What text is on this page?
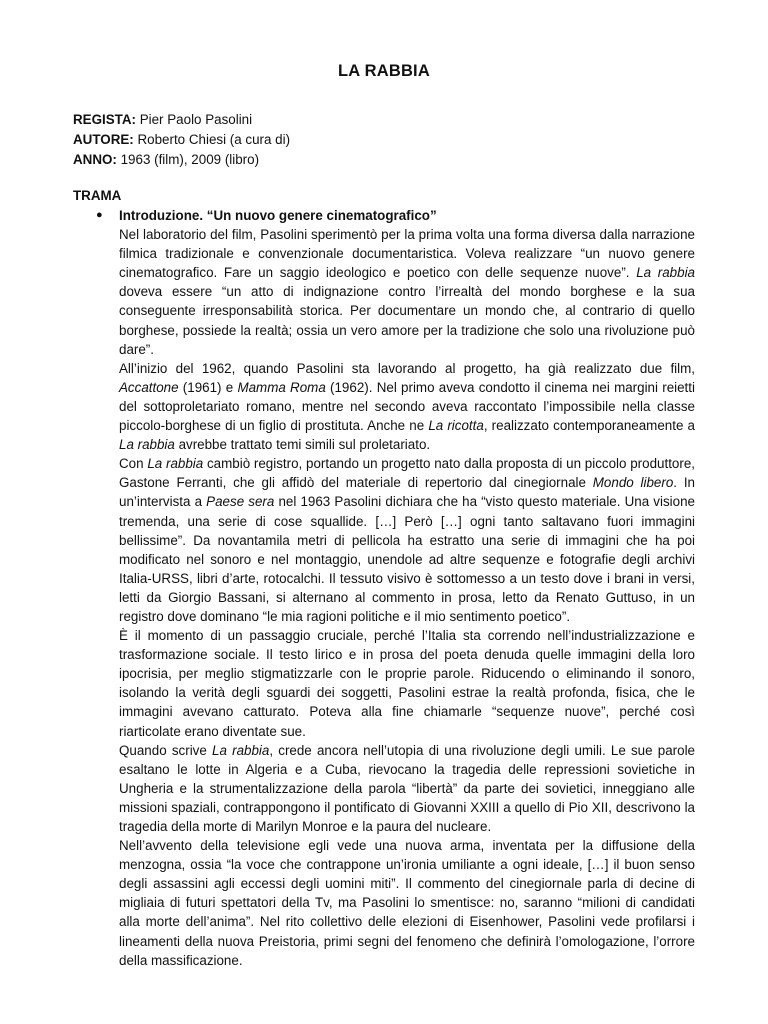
LA RABBIA
REGISTA: Pier Paolo Pasolini
AUTORE: Roberto Chiesi (a cura di)
ANNO: 1963 (film), 2009 (libro)
TRAMA
● Introduzione. “Un nuovo genere cinematografico”

Nel laboratorio del film, Pasolini sperimentò per la prima volta una forma diversa dalla narrazione filmica tradizionale e convenzionale documentaristica. Voleva realizzare “un nuovo genere cinematografico. Fare un saggio ideologico e poetico con delle sequenze nuove”. La rabbia doveva essere “un atto di indignazione contro l’irrealtà del mondo borghese e la sua conseguente irresponsabilità storica. Per documentare un mondo che, al contrario di quello borghese, possiede la realtà; ossia un vero amore per la tradizione che solo una rivoluzione può dare”.

All’inizio del 1962, quando Pasolini sta lavorando al progetto, ha già realizzato due film, Accattone (1961) e Mamma Roma (1962). Nel primo aveva condotto il cinema nei margini reietti del sottoproletariato romano, mentre nel secondo aveva raccontato l’impossibile nella classe piccolo-borghese di un figlio di prostituta. Anche ne La ricotta, realizzato contemporaneamente a La rabbia avrebbe trattato temi simili sul proletariato.

Con La rabbia cambiò registro, portando un progetto nato dalla proposta di un piccolo produttore, Gastone Ferranti, che gli affidò del materiale di repertorio dal cinegiornale Mondo libero. In un’intervista a Paese sera nel 1963 Pasolini dichiara che ha “visto questo materiale. Una visione tremenda, una serie di cose squallide. […] Però […] ogni tanto saltavano fuori immagini bellissime”. Da novantamila metri di pellicola ha estratto una serie di immagini che ha poi modificato nel sonoro e nel montaggio, unendole ad altre sequenze e fotografie degli archivi Italia-URSS, libri d’arte, rotocalchi. Il tessuto visivo è sottomesso a un testo dove i brani in versi, letti da Giorgio Bassani, si alternano al commento in prosa, letto da Renato Guttuso, in un registro dove dominano “le mia ragioni politiche e il mio sentimento poetico”.

È il momento di un passaggio cruciale, perché l’Italia sta correndo nell’industrializzazione e trasformazione sociale. Il testo lirico e in prosa del poeta denuda quelle immagini della loro ipocrisia, per meglio stigmatizzarle con le proprie parole. Riducendo o eliminando il sonoro, isolando la verità degli sguardi dei soggetti, Pasolini estrae la realtà profonda, fisica, che le immagini avevano catturato. Poteva alla fine chiamarle “sequenze nuove”, perché così riarticolate erano diventate sue.

Quando scrive La rabbia, crede ancora nell’utopia di una rivoluzione degli umili. Le sue parole esaltano le lotte in Algeria e a Cuba, rievocano la tragedia delle repressioni sovietiche in Ungheria e la strumentalizzazione della parola “libertà” da parte dei sovietici, inneggiano alle missioni spaziali, contrappongono il pontificato di Giovanni XXIII a quello di Pio XII, descrivono la tragedia della morte di Marilyn Monroe e la paura del nucleare.

Nell’avvento della televisione egli vede una nuova arma, inventata per la diffusione della menzogna, ossia “la voce che contrappone un’ironia umiliante a ogni ideale, […] il buon senso degli assassini agli eccessi degli uomini miti”. Il commento del cinegiornale parla di decine di migliaia di futuri spettatori della Tv, ma Pasolini lo smentisce: no, saranno “milioni di candidati alla morte dell’anima”. Nel rito collettivo delle elezioni di Eisenhower, Pasolini vede profilarsi i lineamenti della nuova Preistoria, primi segni del fenomeno che definirà l’omologazione, l’orrore della massificazione.
